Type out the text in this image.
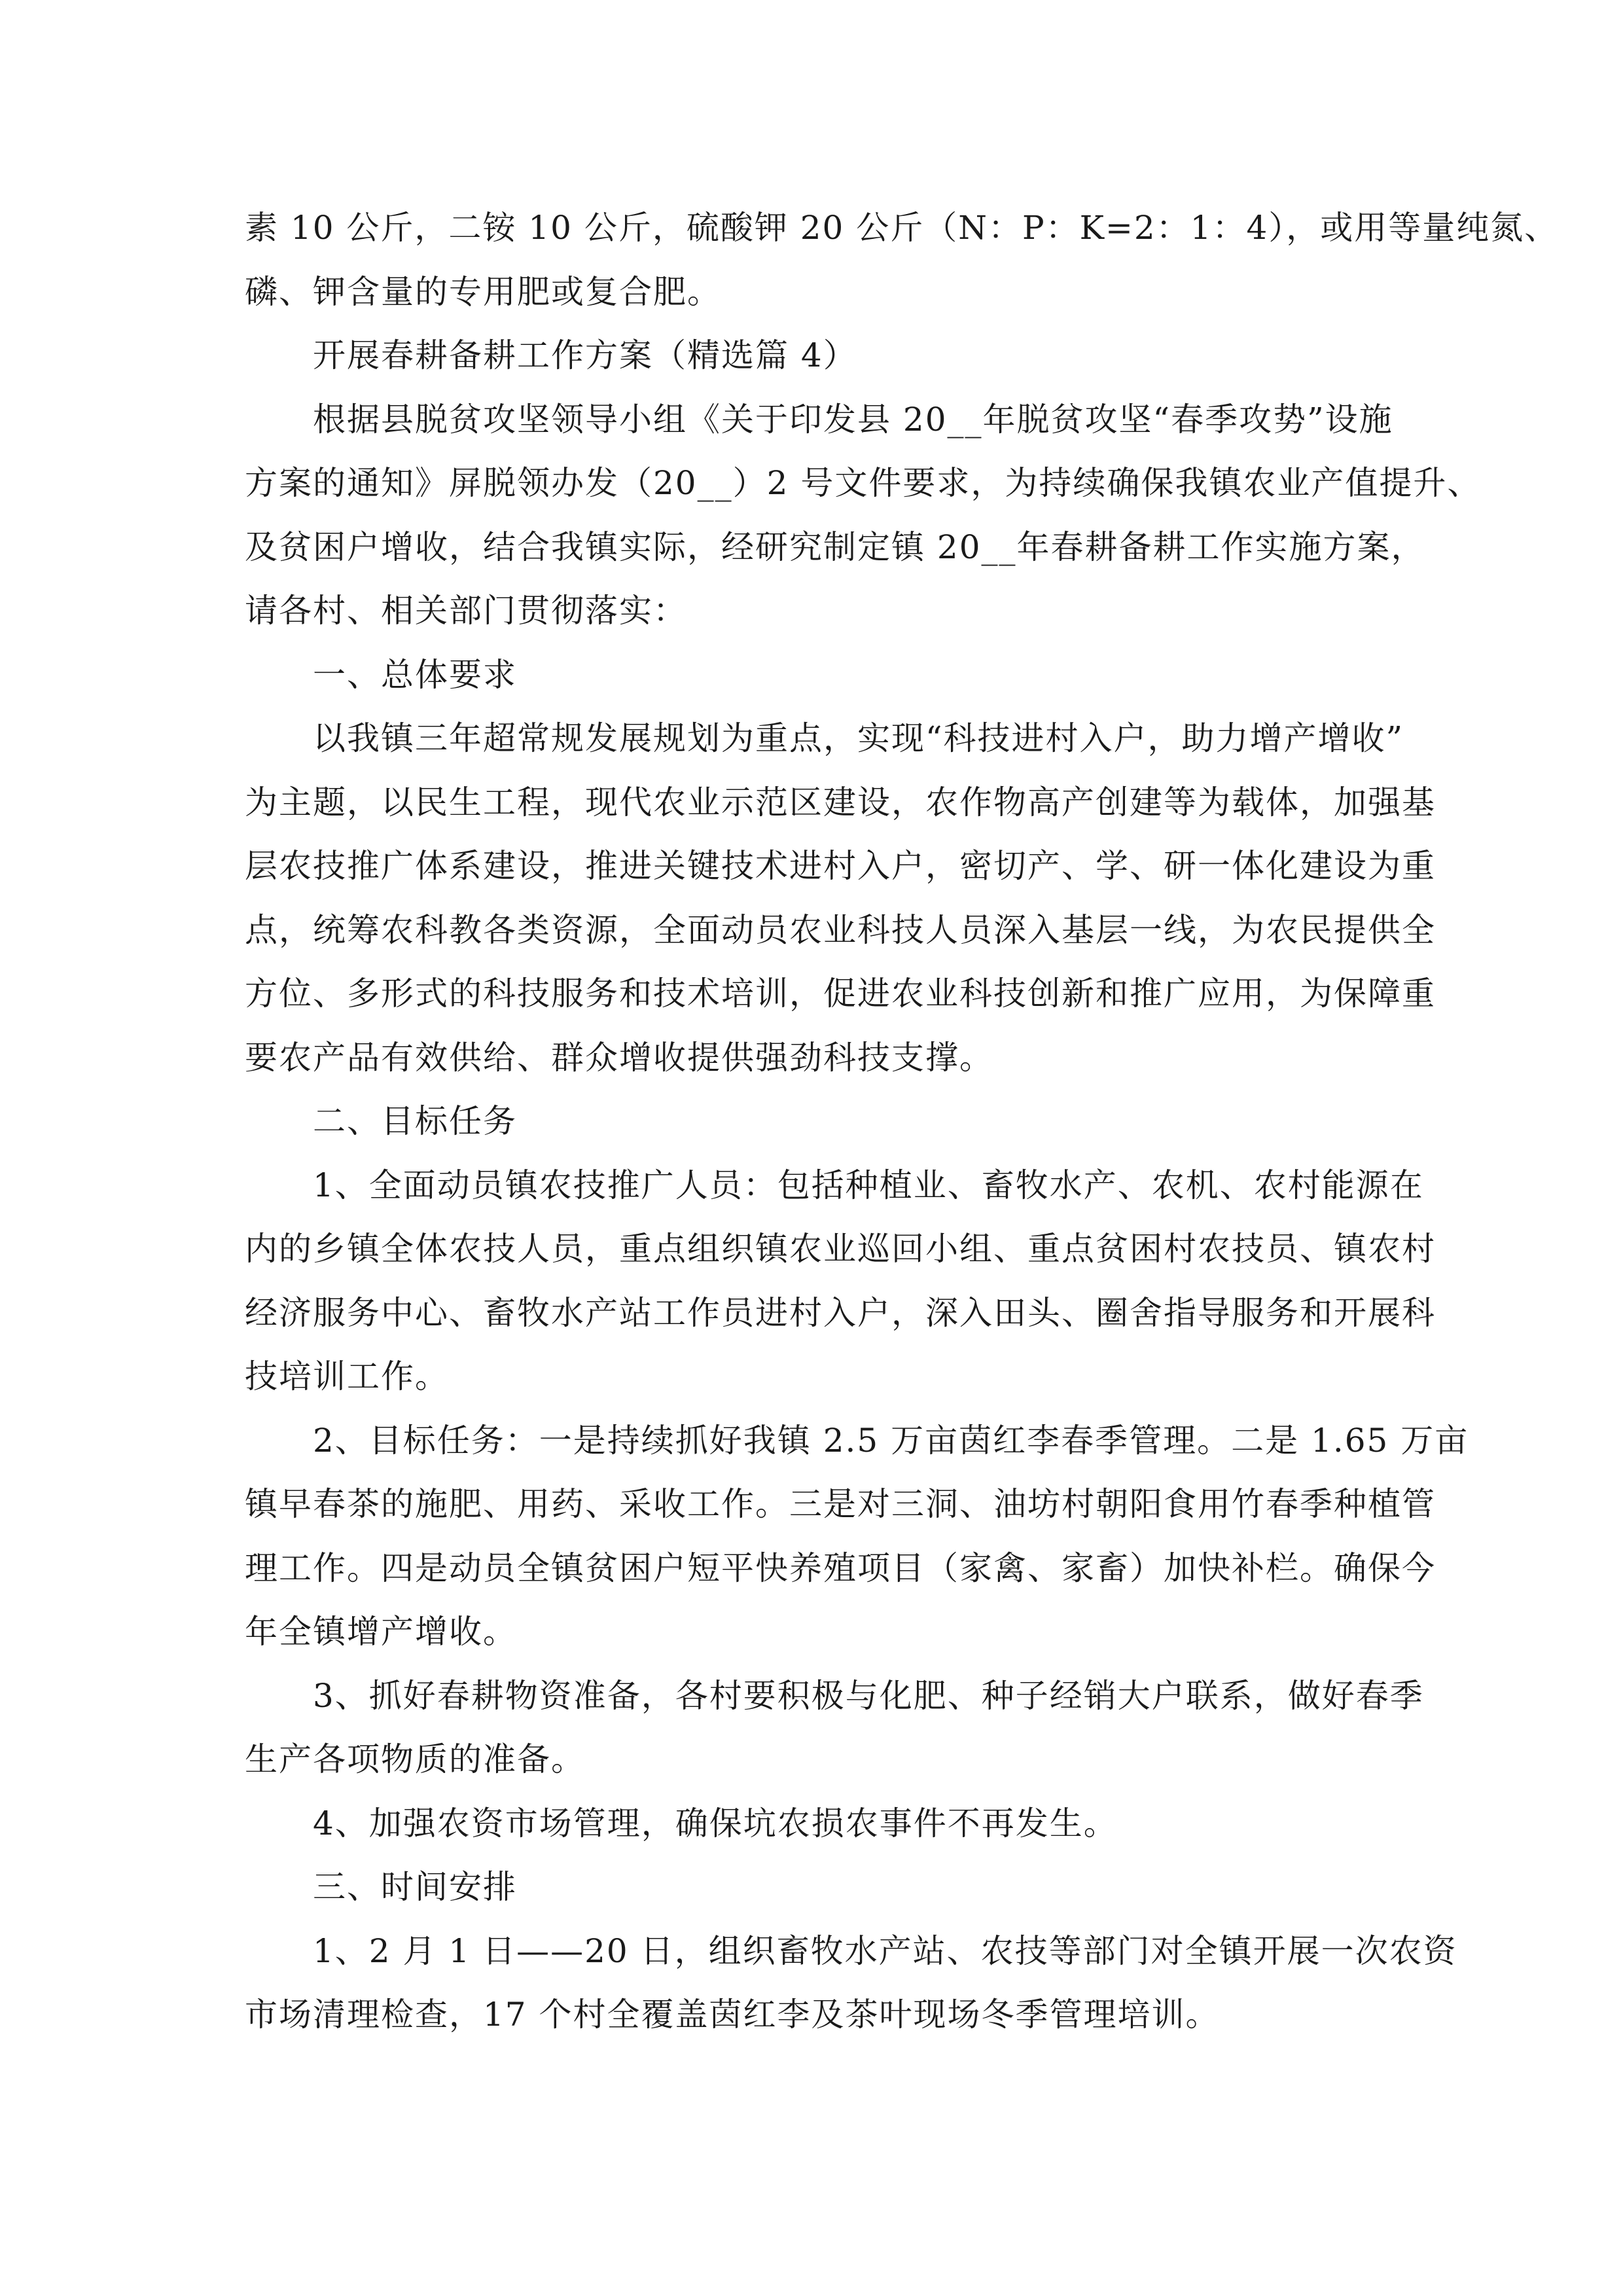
素 10 公斤，二铵 10 公斤，硫酸钾 20 公斤（N：P：K=2：1：4），或用等量纯氮、

磷、钾含量的专用肥或复合肥。

开展春耕备耕工作方案（精选篇 4）

根据县脱贫攻坚领导小组《关于印发县 20__年脱贫攻坚“春季攻势”设施

方案的通知》屏脱领办发（20__）2 号文件要求，为持续确保我镇农业产值提升、

及贫困户增收，结合我镇实际，经研究制定镇 20__年春耕备耕工作实施方案，

请各村、相关部门贯彻落实：

一、总体要求

以我镇三年超常规发展规划为重点，实现“科技进村入户，助力增产增收”

为主题，以民生工程，现代农业示范区建设，农作物高产创建等为载体，加强基

层农技推广体系建设，推进关键技术进村入户，密切产、学、研一体化建设为重

点，统筹农科教各类资源，全面动员农业科技人员深入基层一线，为农民提供全

方位、多形式的科技服务和技术培训，促进农业科技创新和推广应用，为保障重

要农产品有效供给、群众增收提供强劲科技支撑。

二、目标任务

1、全面动员镇农技推广人员：包括种植业、畜牧水产、农机、农村能源在

内的乡镇全体农技人员，重点组织镇农业巡回小组、重点贫困村农技员、镇农村

经济服务中心、畜牧水产站工作员进村入户，深入田头、圈舍指导服务和开展科

技培训工作。

2、目标任务：一是持续抓好我镇 2.5 万亩茵红李春季管理。二是 1.65 万亩

镇早春茶的施肥、用药、采收工作。三是对三洞、油坊村朝阳食用竹春季种植管

理工作。四是动员全镇贫困户短平快养殖项目（家禽、家畜）加快补栏。确保今

年全镇增产增收。

3、抓好春耕物资准备，各村要积极与化肥、种子经销大户联系，做好春季

生产各项物质的准备。

4、加强农资市场管理，确保坑农损农事件不再发生。

三、时间安排

1、2 月 1 日——20 日，组织畜牧水产站、农技等部门对全镇开展一次农资

市场清理检查，17 个村全覆盖茵红李及茶叶现场冬季管理培训。
